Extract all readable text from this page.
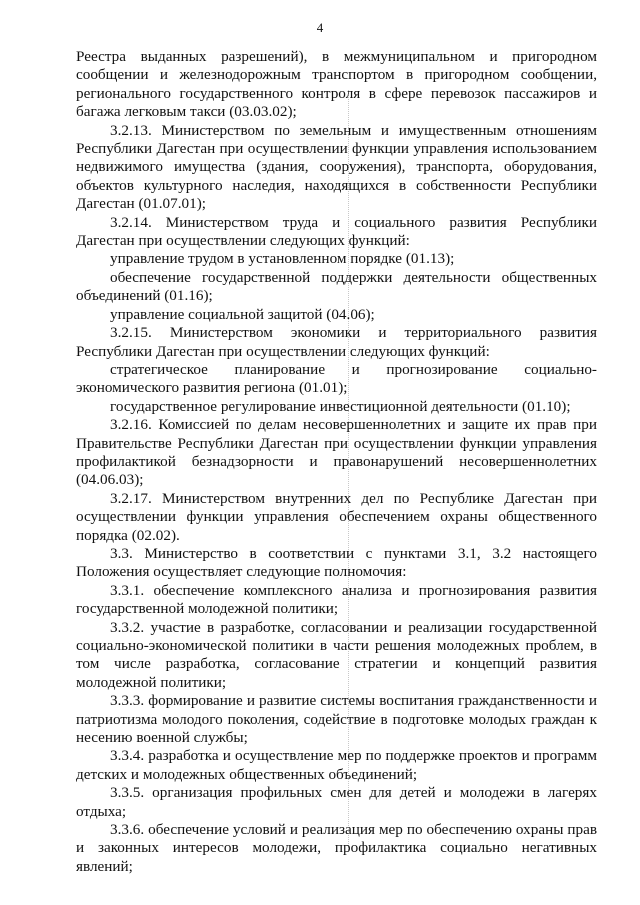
4

Реестра выданных разрешений), в межмуниципальном и пригородном сообщении и железнодорожным транспортом в пригородном сообщении, регионального государственного контроля в сфере перевозок пассажиров и багажа легковым такси (03.03.02);

3.2.13. Министерством по земельным и имущественным отношениям Республики Дагестан при осуществлении функции управления использованием недвижимого имущества (здания, сооружения), транспорта, оборудования, объектов культурного наследия, находящихся в собственности Республики Дагестан (01.07.01);

3.2.14. Министерством труда и социального развития Республики Дагестан при осуществлении следующих функций:

управление трудом в установленном порядке (01.13);

обеспечение государственной поддержки деятельности общественных объединений (01.16);

управление социальной защитой (04.06);

3.2.15. Министерством экономики и территориального развития Республики Дагестан при осуществлении следующих функций:

стратегическое планирование и прогнозирование социально-экономического развития региона (01.01);

государственное регулирование инвестиционной деятельности (01.10);

3.2.16. Комиссией по делам несовершеннолетних и защите их прав при Правительстве Республики Дагестан при осуществлении функции управления профилактикой безнадзорности и правонарушений несовершеннолетних (04.06.03);

3.2.17. Министерством внутренних дел по Республике Дагестан при осуществлении функции управления обеспечением охраны общественного порядка (02.02).

3.3. Министерство в соответствии с пунктами 3.1, 3.2 настоящего Положения осуществляет следующие полномочия:

3.3.1. обеспечение комплексного анализа и прогнозирования развития государственной молодежной политики;

3.3.2. участие в разработке, согласовании и реализации государственной социально-экономической политики в части решения молодежных проблем, в том числе разработка, согласование стратегии и концепций развития молодежной политики;

3.3.3. формирование и развитие системы воспитания гражданственности и патриотизма молодого поколения, содействие в подготовке молодых граждан к несению военной службы;

3.3.4. разработка и осуществление мер по поддержке проектов и программ детских и молодежных общественных объединений;

3.3.5. организация профильных смен для детей и молодежи в лагерях отдыха;

3.3.6. обеспечение условий и реализация мер по обеспечению охраны прав и законных интересов молодежи, профилактика социально негативных явлений;
